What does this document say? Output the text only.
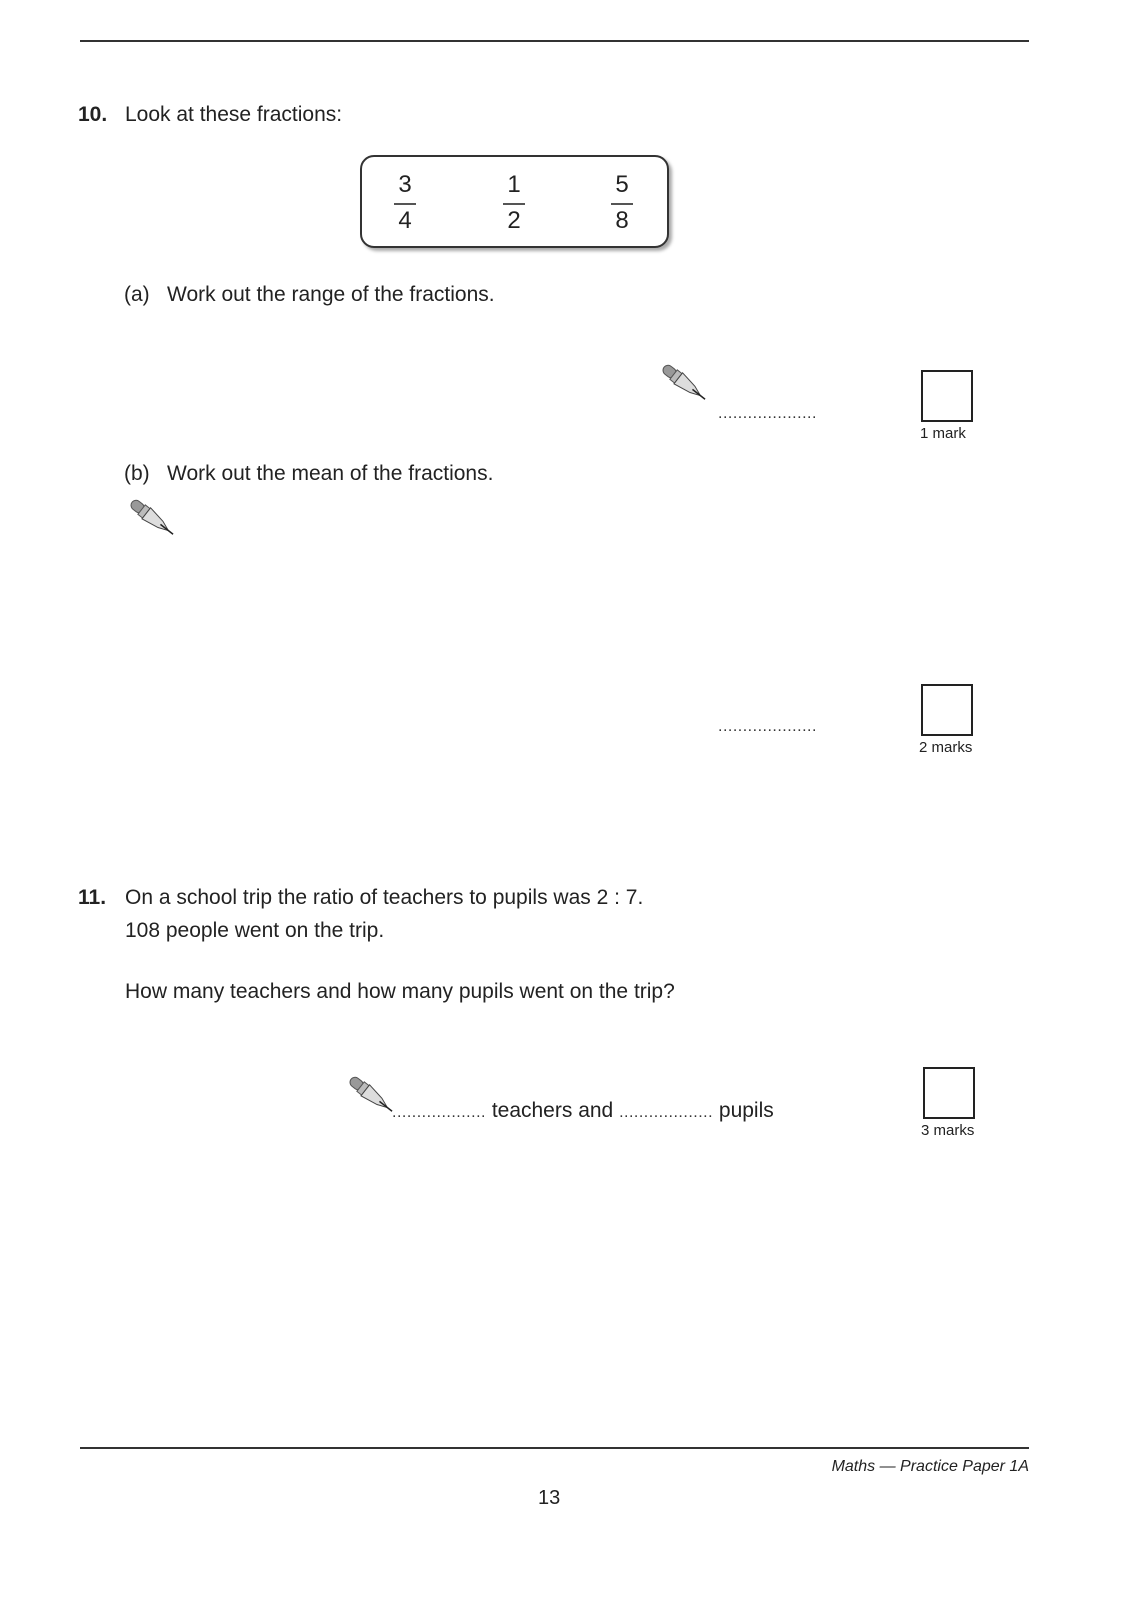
10. Look at these fractions:
3
4
1
2
5
8
(a) Work out the range of the fractions.
....................
1 mark
(b) Work out the mean of the fractions.
....................
2 marks
11. On a school trip the ratio of teachers to pupils was 2 : 7.
108 people went on the trip.
How many teachers and how many pupils went on the trip?
................... teachers and ................... pupils
3 marks
Maths — Practice Paper 1A
13
